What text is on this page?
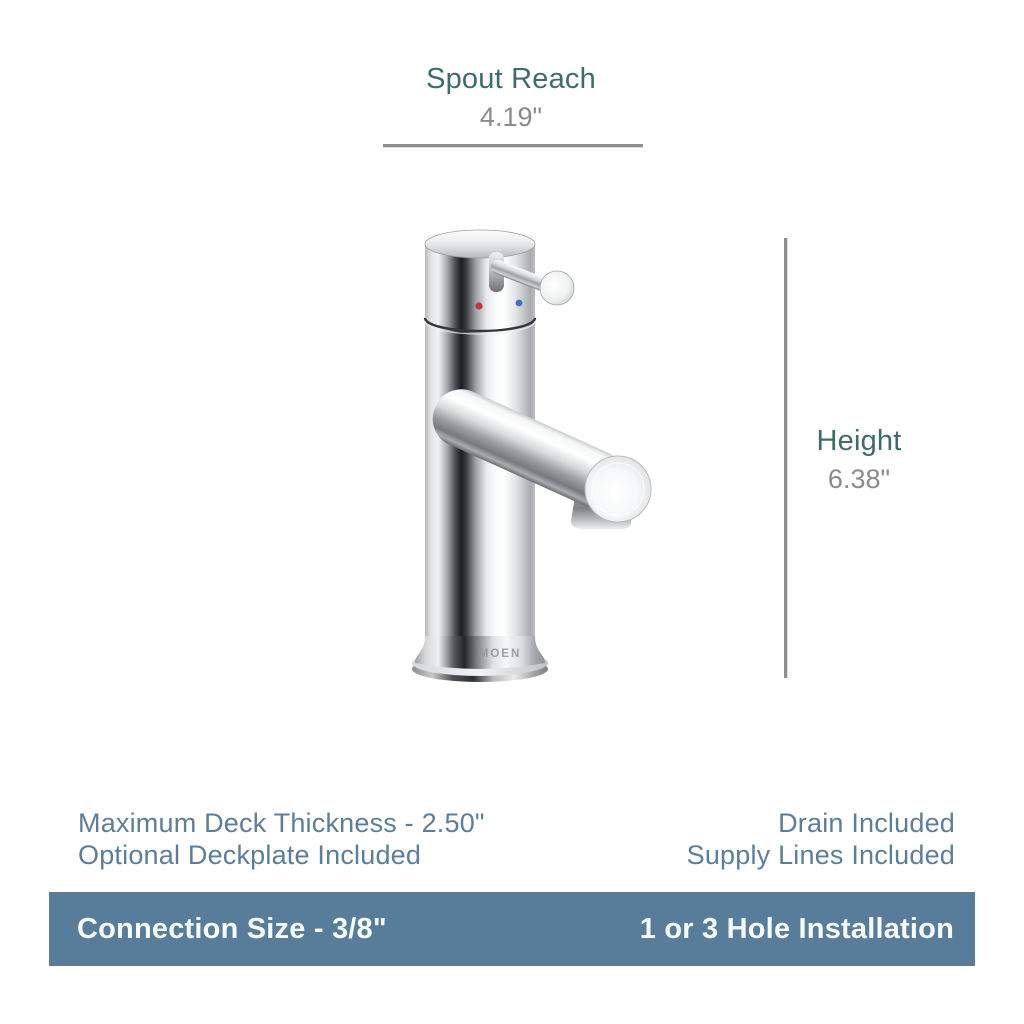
Spout Reach
4.19"
Height
6.38"
MOEN
Maximum Deck Thickness - 2.50"
Optional Deckplate Included
Drain Included
Supply Lines Included
Connection Size - 3/8"	1 or 3 Hole Installation
